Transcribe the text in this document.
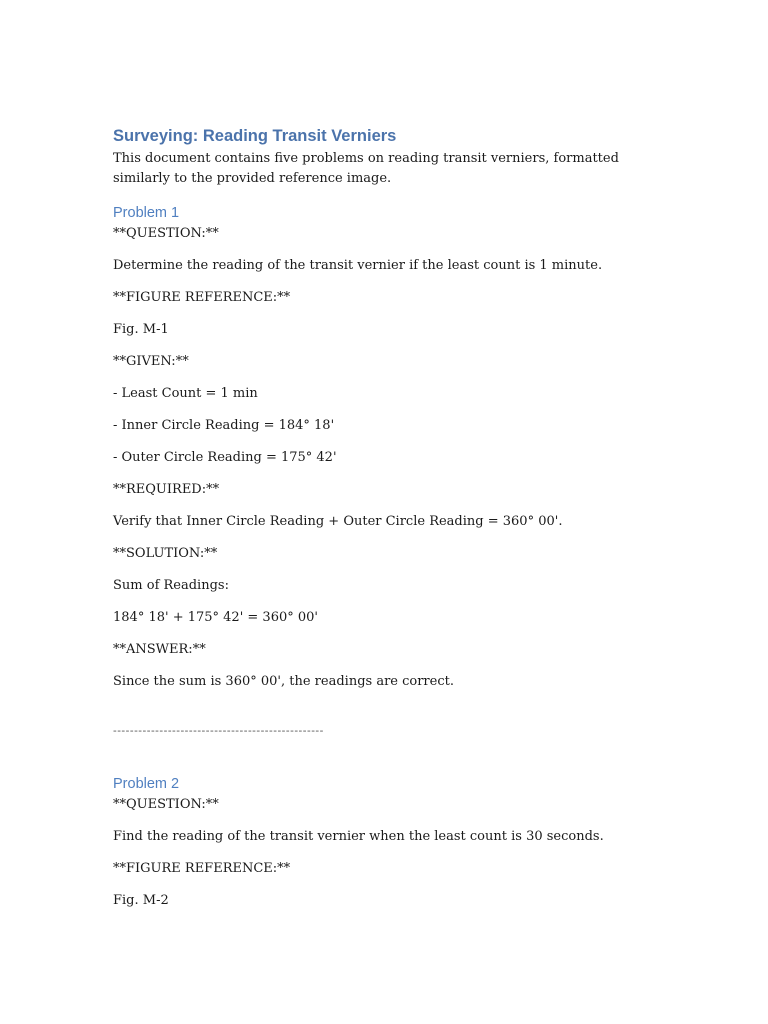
Surveying: Reading Transit Verniers

This document contains five problems on reading transit verniers, formatted similarly to the provided reference image.

Problem 1

**QUESTION:**

Determine the reading of the transit vernier if the least count is 1 minute.

**FIGURE REFERENCE:**

Fig. M-1

**GIVEN:**

- Least Count = 1 min

- Inner Circle Reading = 184° 18'

- Outer Circle Reading = 175° 42'

**REQUIRED:**

Verify that Inner Circle Reading + Outer Circle Reading = 360° 00'.

**SOLUTION:**

Sum of Readings:

184° 18' + 175° 42' = 360° 00'

**ANSWER:**

Since the sum is 360° 00', the readings are correct.

--------------------------------------------------
Problem 2

**QUESTION:**

Find the reading of the transit vernier when the least count is 30 seconds.

**FIGURE REFERENCE:**

Fig. M-2
